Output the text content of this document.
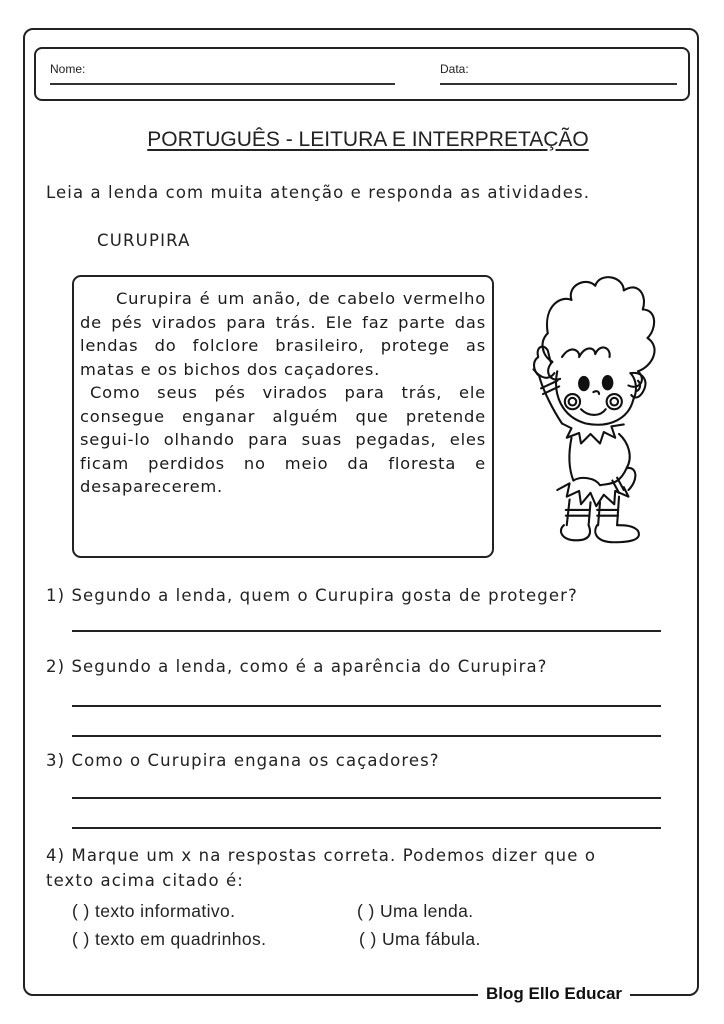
Blog Ello Educar
Nome:	Data:
PORTUGUÊS - LEITURA E INTERPRETAÇÃO
Leia a lenda com muita atenção e responda as atividades.
CURUPIRA

Curupira é um anão, de cabelo vermelho de pés virados para trás. Ele faz parte das lendas do folclore brasileiro, protege as matas e os bichos dos caçadores.

Como seus pés virados para trás, ele consegue enganar alguém que pretende segui-lo olhando para suas pegadas, eles ficam perdidos no meio da floresta e desaparecerem.

1) Segundo a lenda, quem o Curupira gosta de proteger?
2) Segundo a lenda, como é a aparência do Curupira?
3) Como o Curupira engana os caçadores?
4) Marque um x na respostas correta. Podemos dizer que o
texto acima citado é:
( ) texto informativo.	( ) Uma lenda.
( ) texto em quadrinhos.	( ) Uma fábula.
